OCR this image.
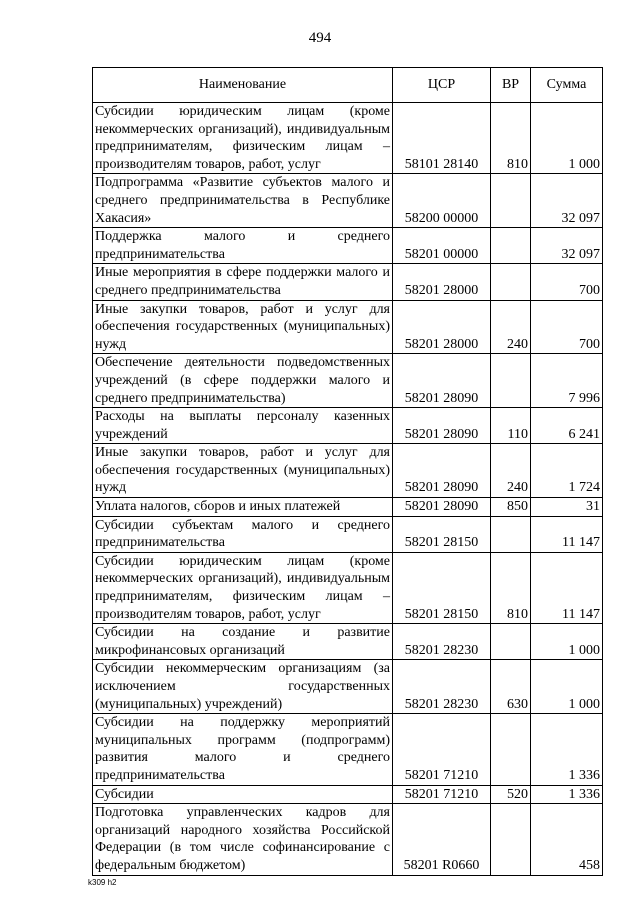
494
Наименование	ЦСР	ВР	Сумма
Субсидии юридическим лицам (кроме некоммерческих организаций), индивидуальным предпринимателям, физическим лицам – производителям товаров, работ, услуг	58101 28140	810	1 000
Подпрограмма «Развитие субъектов малого и среднего предпринимательства в Республике Хакасия»	58200 00000		32 097
Поддержка малого и среднего предпринимательства	58201 00000		32 097
Иные мероприятия в сфере поддержки малого и среднего предпринимательства	58201 28000		700
Иные закупки товаров, работ и услуг для обеспечения государственных (муниципальных) нужд	58201 28000	240	700
Обеспечение деятельности подведомственных учреждений (в сфере поддержки малого и среднего предпринимательства)	58201 28090		7 996
Расходы на выплаты персоналу казенных учреждений	58201 28090	110	6 241
Иные закупки товаров, работ и услуг для обеспечения государственных (муниципальных) нужд	58201 28090	240	1 724
Уплата налогов, сборов и иных платежей	58201 28090	850	31
Субсидии субъектам малого и среднего предпринимательства	58201 28150		11 147
Субсидии юридическим лицам (кроме некоммерческих организаций), индивидуальным предпринимателям, физическим лицам – производителям товаров, работ, услуг	58201 28150	810	11 147
Субсидии на создание и развитие микрофинансовых организаций	58201 28230		1 000
Субсидии некоммерческим организациям (за исключением государственных (муниципальных) учреждений)	58201 28230	630	1 000
Субсидии на поддержку мероприятий муниципальных программ (подпрограмм) развития малого и среднего предпринимательства	58201 71210		1 336
Субсидии	58201 71210	520	1 336
Подготовка управленческих кадров для организаций народного хозяйства Российской Федерации (в том числе софинансирование с федеральным бюджетом)	58201 R0660		458
k309 h2
